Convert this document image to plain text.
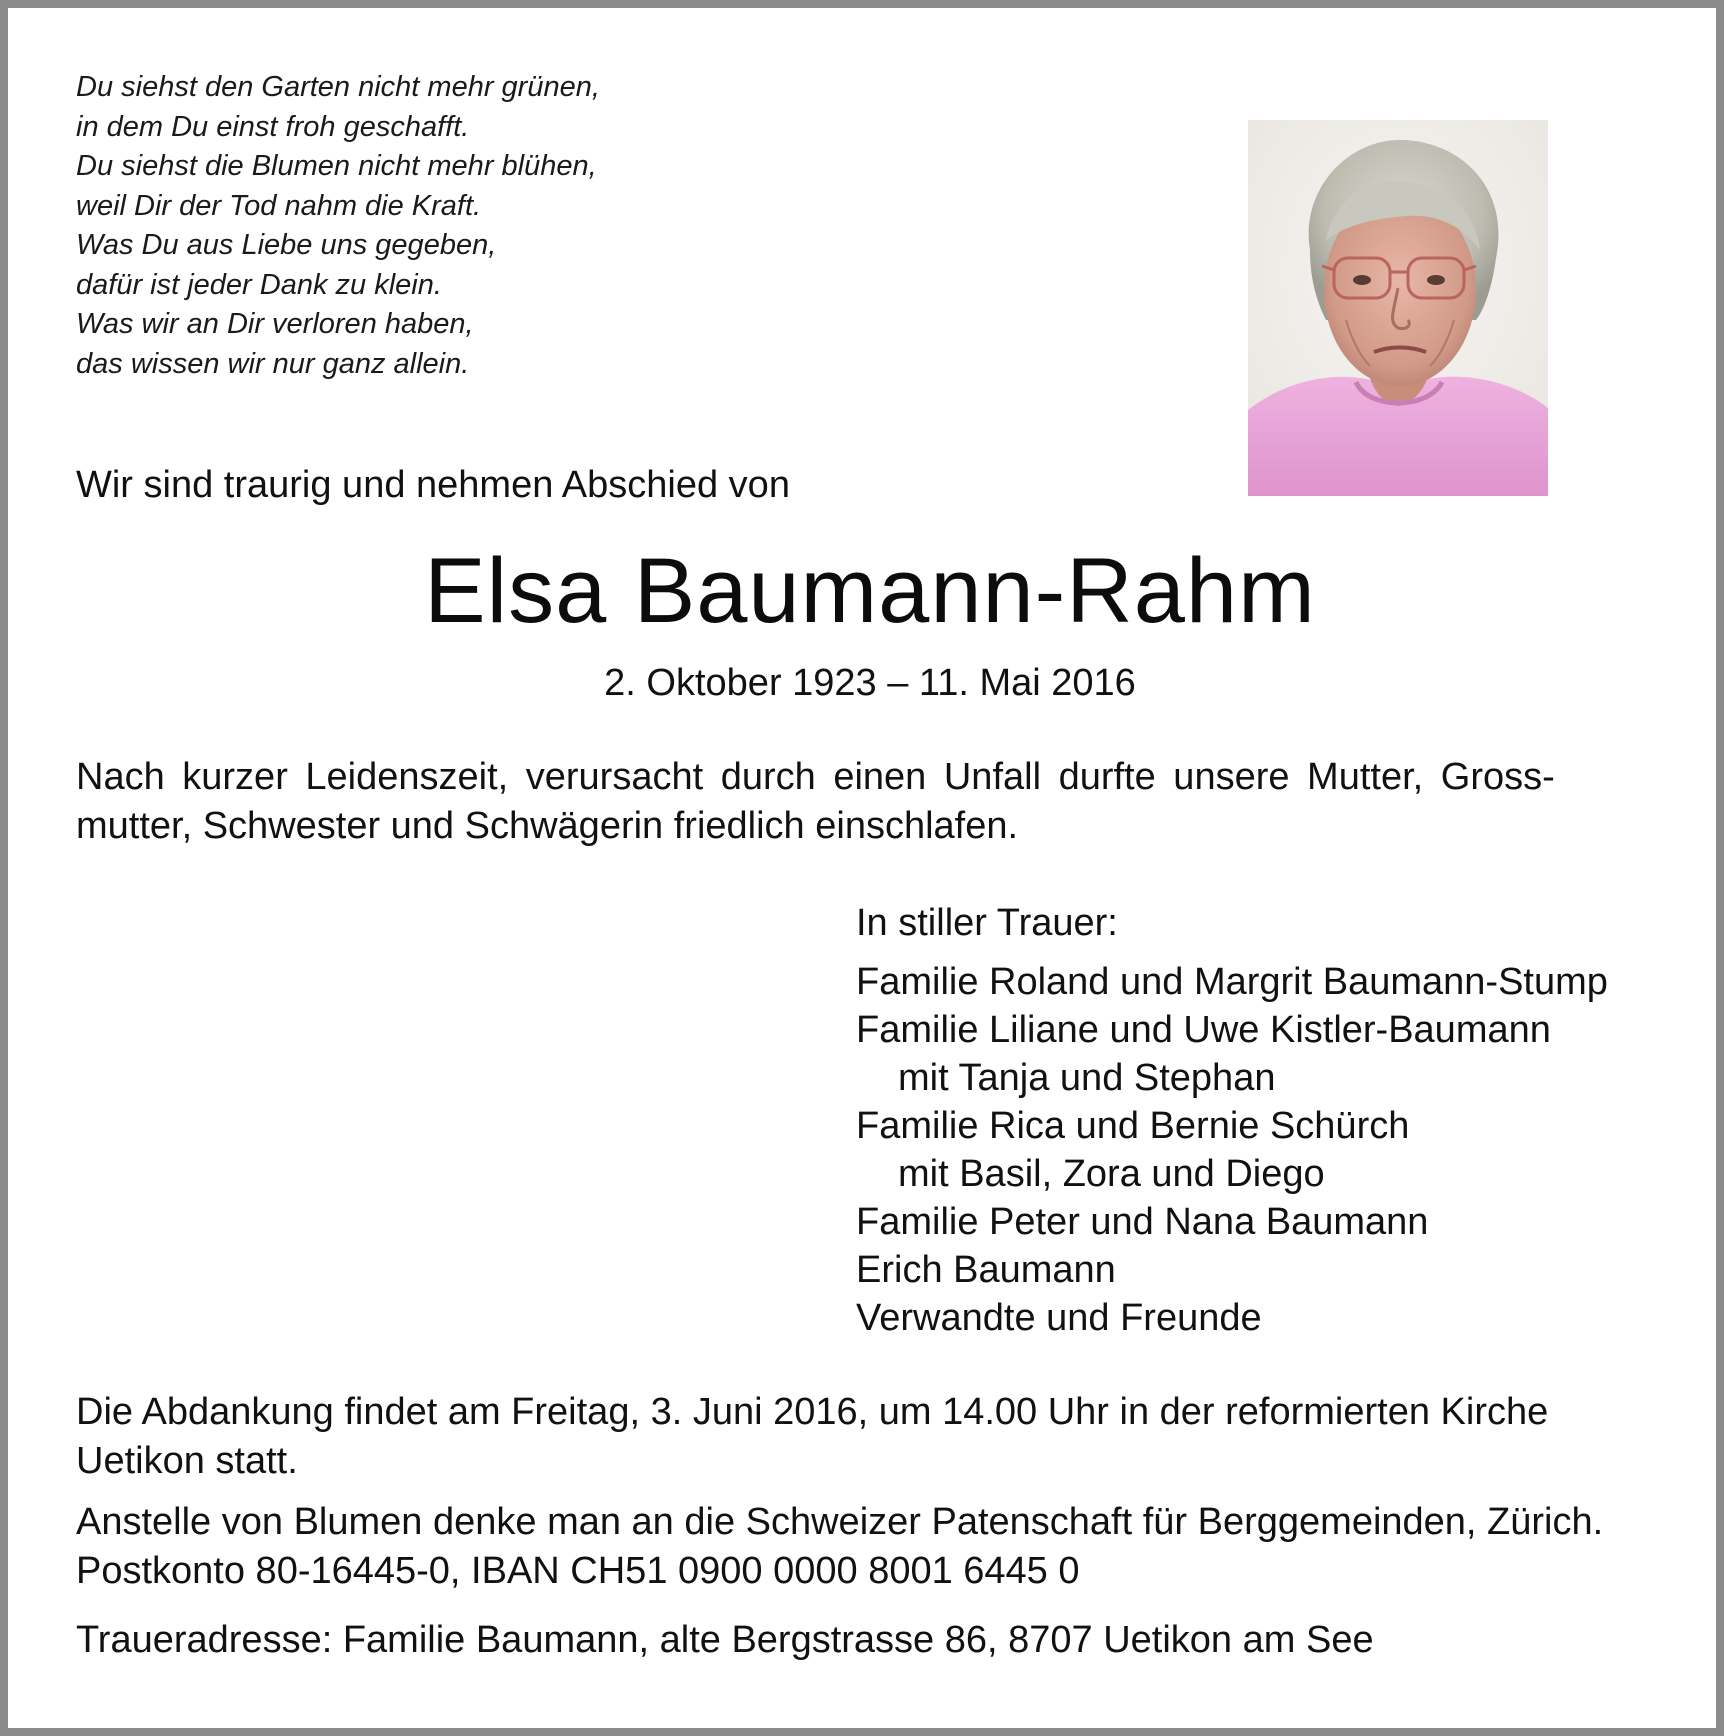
Du siehst den Garten nicht mehr grünen,
in dem Du einst froh geschafft.
Du siehst die Blumen nicht mehr blühen,
weil Dir der Tod nahm die Kraft.
Was Du aus Liebe uns gegeben,
dafür ist jeder Dank zu klein.
Was wir an Dir verloren haben,
das wissen wir nur ganz allein.
Wir sind traurig und nehmen Abschied von
Elsa Baumann-Rahm
2. Oktober 1923 – 11. Mai 2016
Nach kurzer Leidenszeit, verursacht durch einen Unfall durfte unsere Mutter, Gross-
mutter, Schwester und Schwägerin friedlich einschlafen.
In stiller Trauer:
Familie Roland und Margrit Baumann-Stump
Familie Liliane und Uwe Kistler-Baumann
mit Tanja und Stephan
Familie Rica und Bernie Schürch
mit Basil, Zora und Diego
Familie Peter und Nana Baumann
Erich Baumann
Verwandte und Freunde
Die Abdankung findet am Freitag, 3. Juni 2016, um 14.00 Uhr in der reformierten Kirche
Uetikon statt.
Anstelle von Blumen denke man an die Schweizer Patenschaft für Berggemeinden, Zürich.
Postkonto 80-16445-0, IBAN CH51 0900 0000 8001 6445 0
Traueradresse: Familie Baumann, alte Bergstrasse 86, 8707 Uetikon am See
